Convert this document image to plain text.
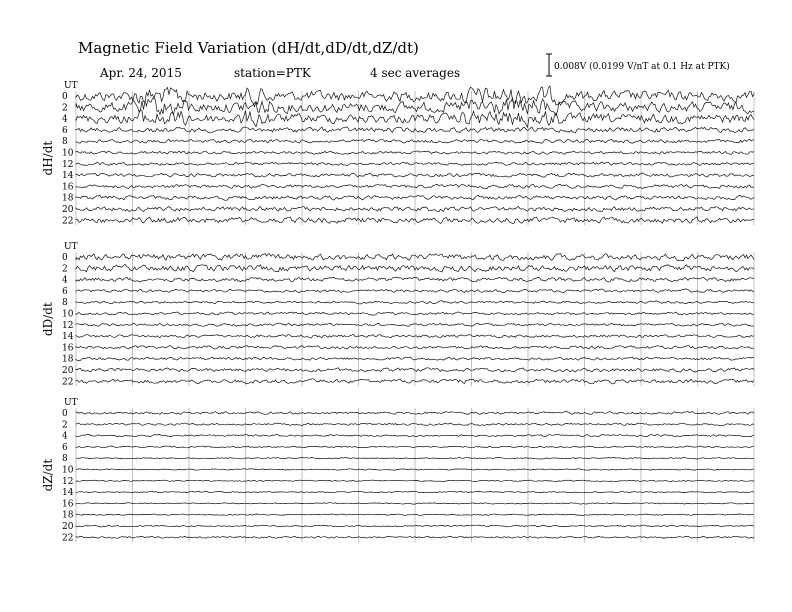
Magnetic Field Variation (dH/dt,dD/dt,dZ/dt)
Apr. 24, 2015	station=PTK	4 sec averages	0.008V (0.0199 V/nT at 0.1 Hz at PTK)
UT
dH/dt
0
2
4
6
8
10
12
14
16
18
20
22
UT
dD/dt
0
2
4
6
8
10
12
14
16
18
20
22
UT
dZ/dt
0
2
4
6
8
10
12
14
16
18
20
22
